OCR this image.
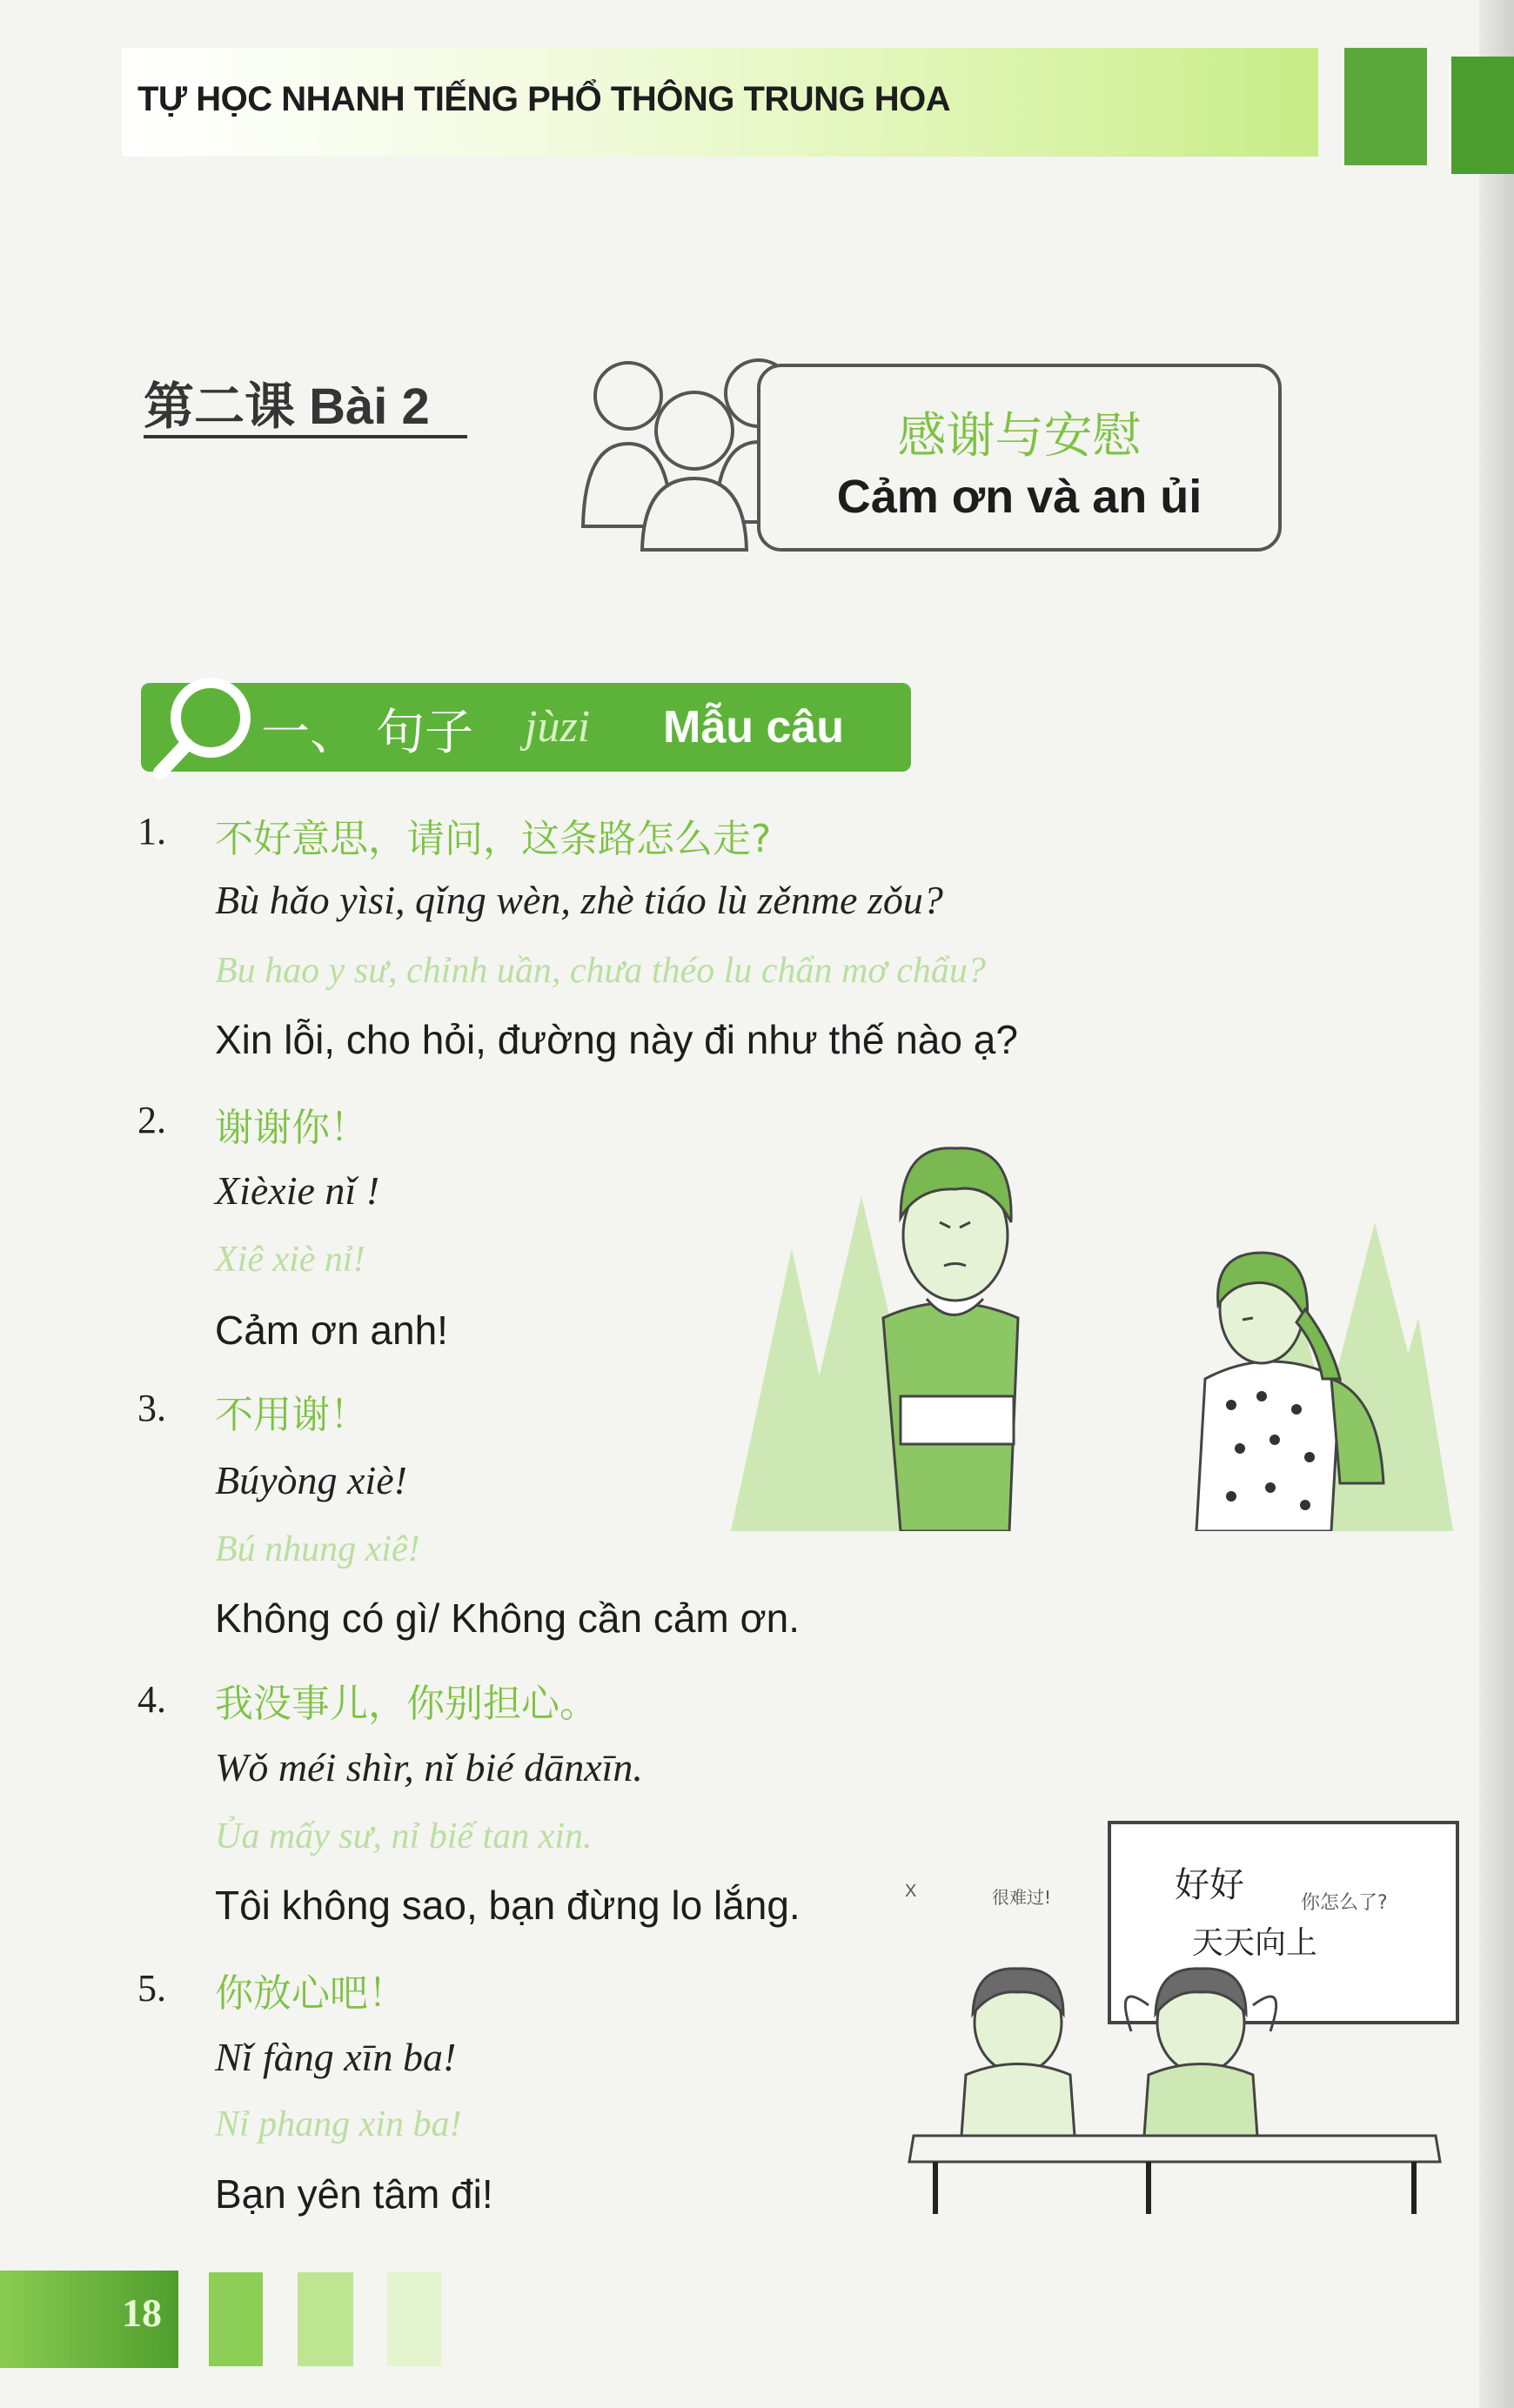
TỰ HỌC NHANH TIẾNG PHỔ THÔNG TRUNG HOA
第二课 Bài 2
感谢与安慰
Cảm ơn và an ủi
一、 句子 jùzi Mẫu câu
1. 不好意思，请问，这条路怎么走?
Bù hǎo yìsi, qǐng wèn, zhè tiáo lù zěnme zǒu?
Bu hao y sư, chỉnh uần, chưa théo lu chẩn mơ chẩu?
Xin lỗi, cho hỏi, đường này đi như thế nào ạ?
2. 谢谢你！
Xièxie nǐ !
Xiê xiè nỉ!
Cảm ơn anh!
3. 不用谢！
Búyòng xiè!
Bú nhung xiê!
Không có gì/ Không cần cảm ơn.
4. 我没事儿，你别担心。
Wǒ méi shìr, nǐ bié dānxīn.
Ủa mấy sư, nỉ biế tan xin.
Tôi không sao, bạn đừng lo lắng.	好好
天天向上
你怎么了?
很难过!
X
5. 你放心吧！
Nǐ fàng xīn ba!
Nỉ phang xin ba!
Bạn yên tâm đi!
18
